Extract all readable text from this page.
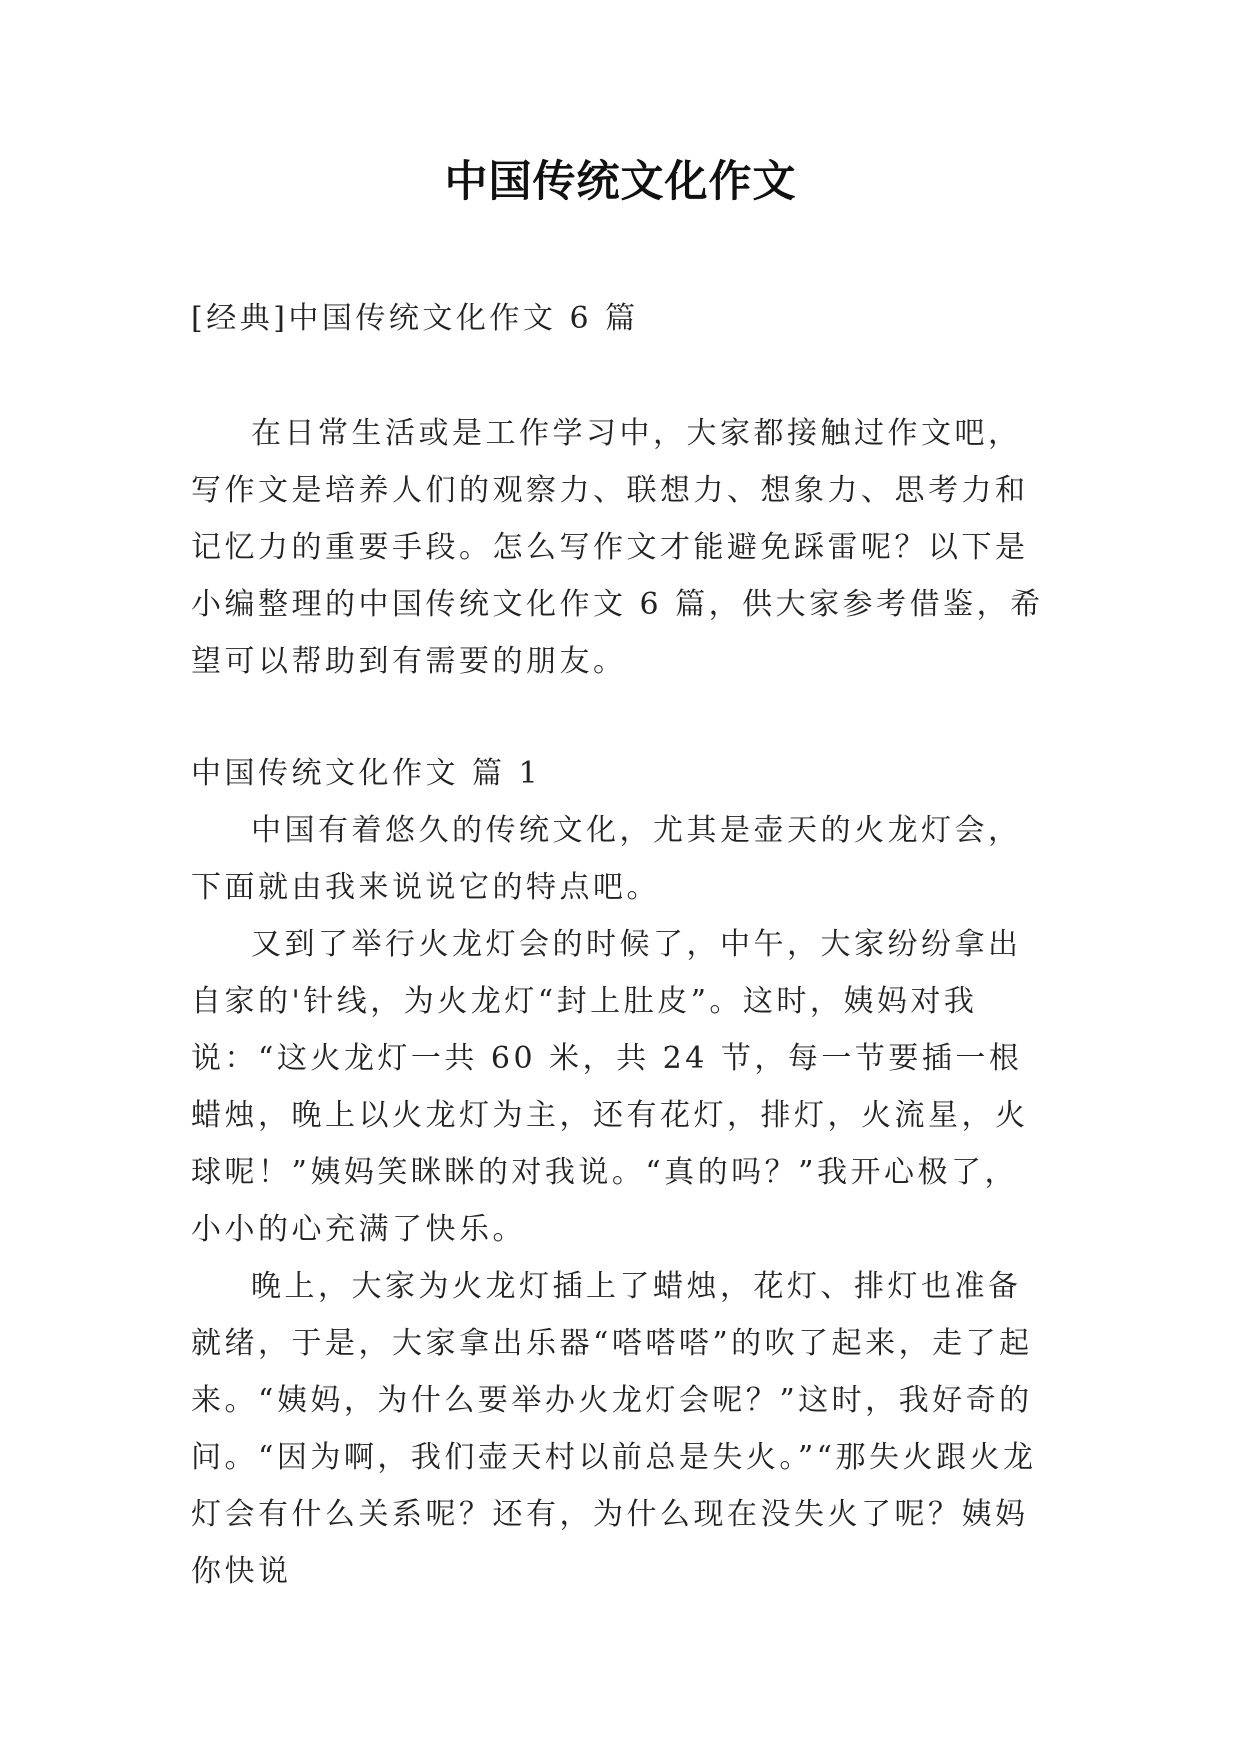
中国传统文化作文
[经典]中国传统文化作文 6 篇

在日常生活或是工作学习中，大家都接触过作文吧，写作文是培养人们的观察力、联想力、想象力、思考力和记忆力的重要手段。怎么写作文才能避免踩雷呢？以下是小编整理的中国传统文化作文 6 篇，供大家参考借鉴，希望可以帮助到有需要的朋友。

中国传统文化作文 篇 1

中国有着悠久的传统文化，尤其是壶天的火龙灯会，下面就由我来说说它的特点吧。

又到了举行火龙灯会的时候了，中午，大家纷纷拿出自家的'针线，为火龙灯“封上肚皮”。这时，姨妈对我说：“这火龙灯一共 60 米，共 24 节，每一节要插一根蜡烛，晚上以火龙灯为主，还有花灯，排灯，火流星，火球呢！”姨妈笑眯眯的对我说。“真的吗？”我开心极了，小小的心充满了快乐。

晚上，大家为火龙灯插上了蜡烛，花灯、排灯也准备就绪，于是，大家拿出乐器“嗒嗒嗒”的吹了起来，走了起来。“姨妈，为什么要举办火龙灯会呢？”这时，我好奇的问。“因为啊，我们壶天村以前总是失火。”“那失火跟火龙灯会有什么关系呢？还有，为什么现在没失火了呢？姨妈你快说
